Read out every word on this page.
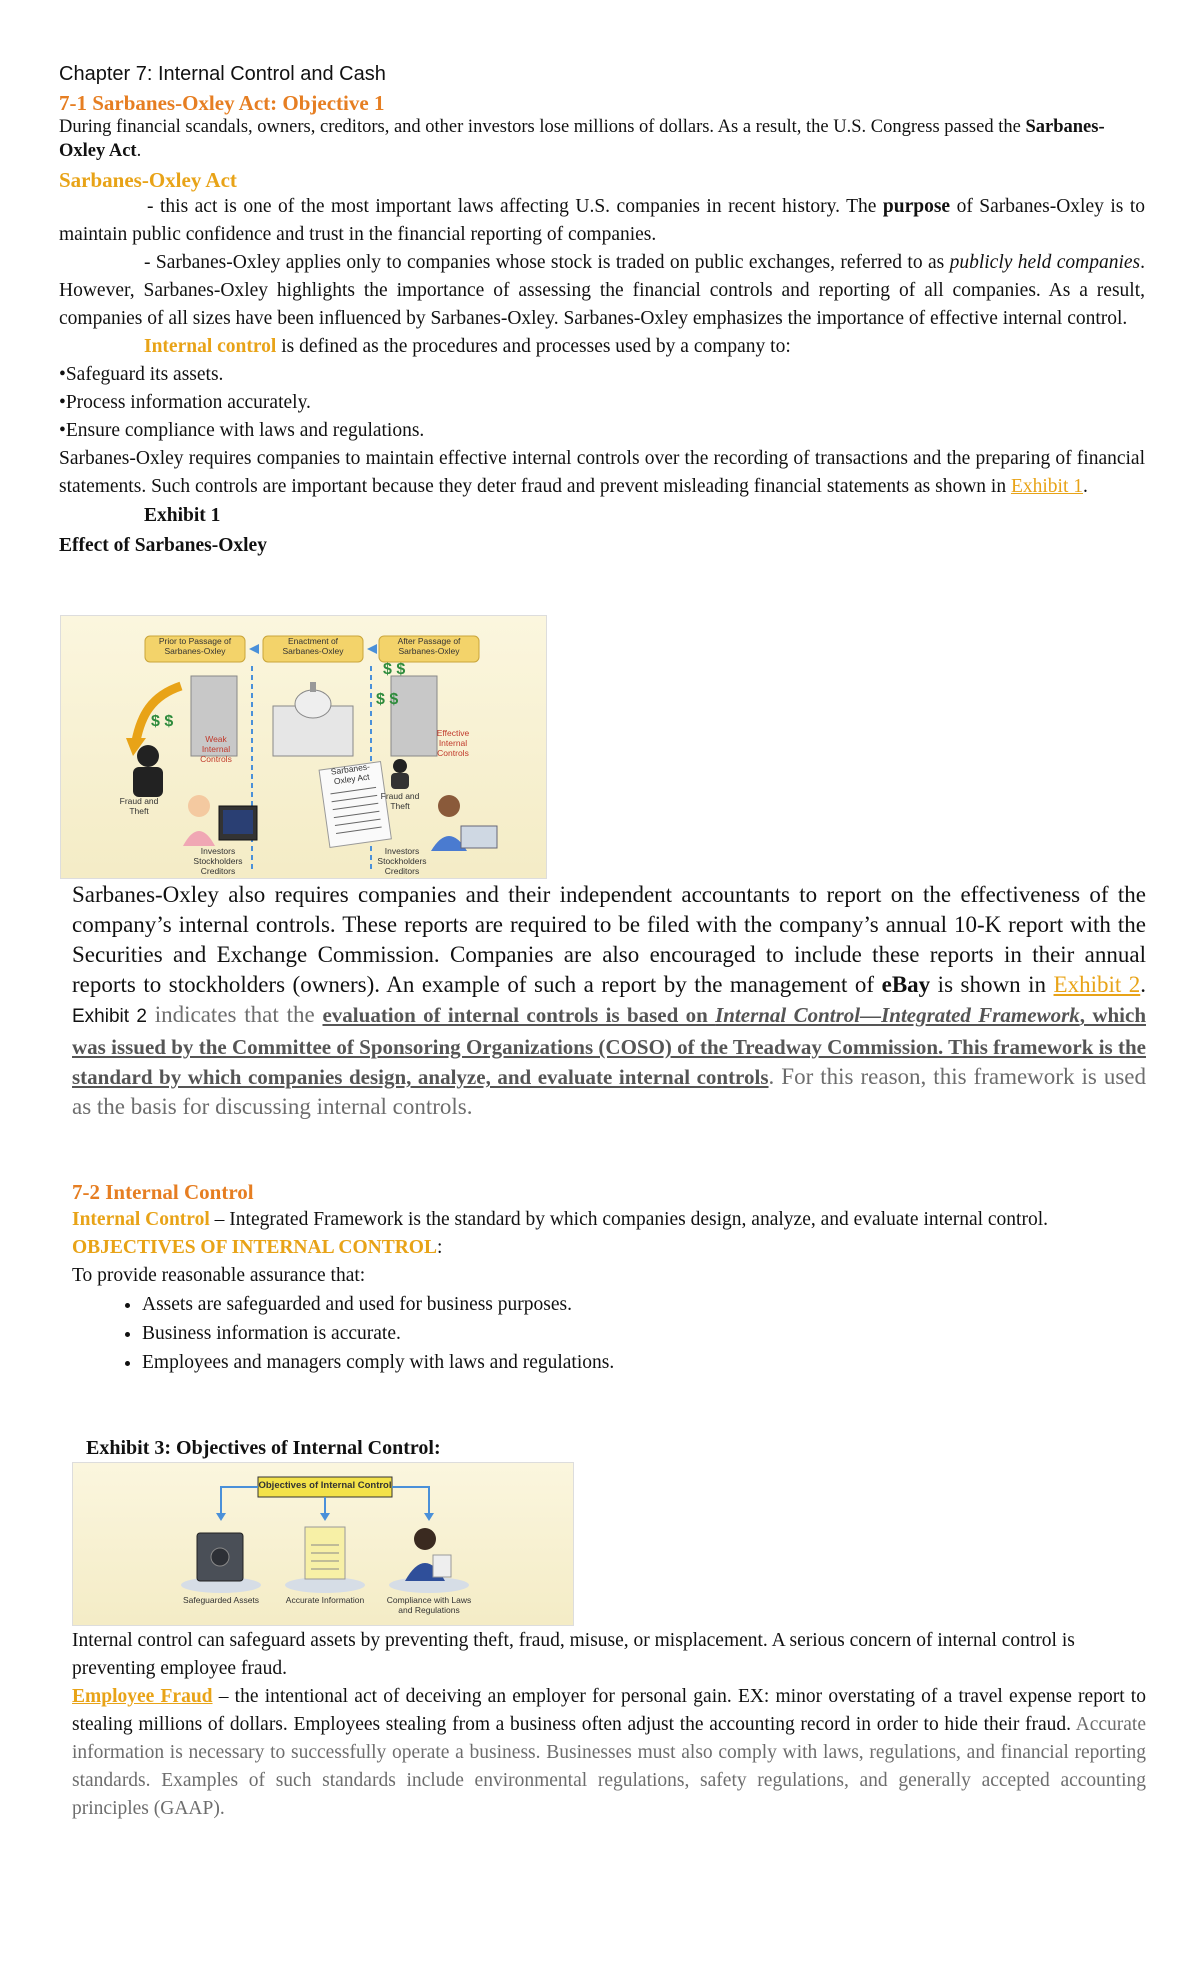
Chapter 7: Internal Control and Cash
7-1 Sarbanes-Oxley Act: Objective 1

During financial scandals, owners, creditors, and other investors lose millions of dollars. As a result, the U.S. Congress passed the Sarbanes-Oxley Act.

Sarbanes-Oxley Act

- this act is one of the most important laws affecting U.S. companies in recent history. The purpose of Sarbanes-Oxley is to maintain public confidence and trust in the financial reporting of companies.

- Sarbanes-Oxley applies only to companies whose stock is traded on public exchanges, referred to as publicly held companies. However, Sarbanes-Oxley highlights the importance of assessing the financial controls and reporting of all companies. As a result, companies of all sizes have been influenced by Sarbanes-Oxley. Sarbanes-Oxley emphasizes the importance of effective internal control.

Internal control is defined as the procedures and processes used by a company to:

•Safeguard its assets.
•Process information accurately.
•Ensure compliance with laws and regulations.

Sarbanes-Oxley requires companies to maintain effective internal controls over the recording of transactions and the preparing of financial statements. Such controls are important because they deter fraud and prevent misleading financial statements as shown in Exhibit 1.

Exhibit 1

Effect of Sarbanes-Oxley

$ $
$ $
$ $
Prior to Passage of Sarbanes-Oxley
Enactment of Sarbanes-Oxley
After Passage of Sarbanes-Oxley
Weak Internal Controls
Effective Internal Controls
Fraud and Theft
Fraud and Theft
Investors Stockholders Creditors
Investors Stockholders Creditors
Sarbanes-Oxley Act

Sarbanes-Oxley also requires companies and their independent accountants to report on the effectiveness of the company’s internal controls. These reports are required to be filed with the company’s annual 10-K report with the Securities and Exchange Commission. Companies are also encouraged to include these reports in their annual reports to stockholders (owners). An example of such a report by the management of eBay is shown in Exhibit 2. Exhibit 2 indicates that the evaluation of internal controls is based on Internal Control—Integrated Framework, which was issued by the Committee of Sponsoring Organizations (COSO) of the Treadway Commission. This framework is the standard by which companies design, analyze, and evaluate internal controls. For this reason, this framework is used as the basis for discussing internal controls.

7-2 Internal Control

Internal Control – Integrated Framework is the standard by which companies design, analyze, and evaluate internal control.

OBJECTIVES OF INTERNAL CONTROL:

To provide reasonable assurance that:

• Assets are safeguarded and used for business purposes.
• Business information is accurate.
• Employees and managers comply with laws and regulations.
Exhibit 3: Objectives of Internal Control:
Objectives of Internal Control
Safeguarded Assets	Accurate Information	Compliance with Laws and Regulations

Internal control can safeguard assets by preventing theft, fraud, misuse, or misplacement. A serious concern of internal control is preventing employee fraud.

Employee Fraud – the intentional act of deceiving an employer for personal gain. EX: minor overstating of a travel expense report to stealing millions of dollars. Employees stealing from a business often adjust the accounting record in order to hide their fraud. Accurate information is necessary to successfully operate a business. Businesses must also comply with laws, regulations, and financial reporting standards. Examples of such standards include environmental regulations, safety regulations, and generally accepted accounting principles (GAAP).
